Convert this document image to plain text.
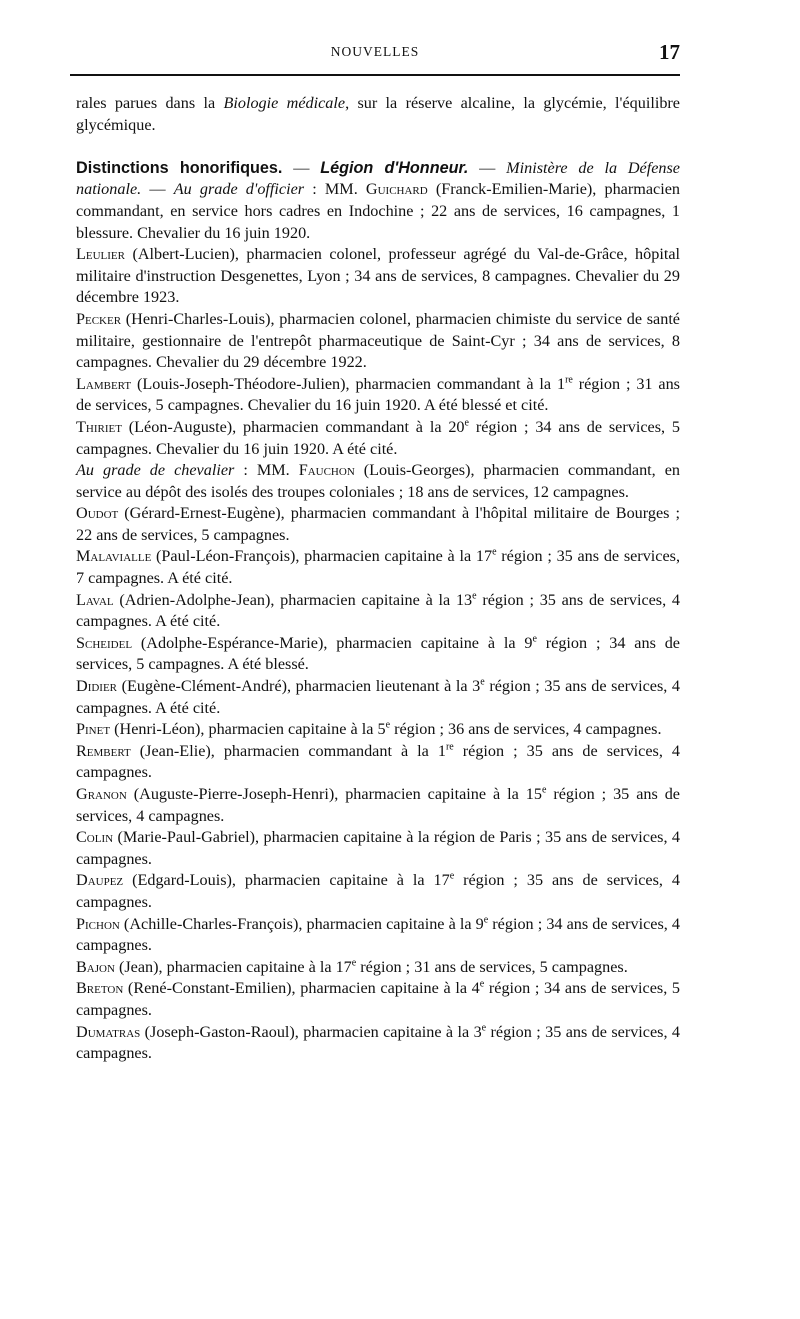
NOUVELLES	17

rales parues dans la Biologie médicale, sur la réserve alcaline, la glycémie, l'équilibre glycémique.

Distinctions honorifiques. — Légion d'Honneur. — Ministère de la Défense nationale. — Au grade d'officier : MM. Guichard (Franck-Emilien-Marie), pharmacien commandant, en service hors cadres en Indochine ; 22 ans de services, 16 campagnes, 1 blessure. Chevalier du 16 juin 1920.

Leulier (Albert-Lucien), pharmacien colonel, professeur agrégé du Val-de-Grâce, hôpital militaire d'instruction Desgenettes, Lyon ; 34 ans de services, 8 campagnes. Chevalier du 29 décembre 1923.

Pecker (Henri-Charles-Louis), pharmacien colonel, pharmacien chimiste du service de santé militaire, gestionnaire de l'entrepôt pharmaceutique de Saint-Cyr ; 34 ans de services, 8 campagnes. Chevalier du 29 décembre 1922.

Lambert (Louis-Joseph-Théodore-Julien), pharmacien commandant à la 1re région ; 31 ans de services, 5 campagnes. Chevalier du 16 juin 1920. A été blessé et cité.

Thiriet (Léon-Auguste), pharmacien commandant à la 20e région ; 34 ans de services, 5 campagnes. Chevalier du 16 juin 1920. A été cité.

Au grade de chevalier : MM. Fauchon (Louis-Georges), pharmacien commandant, en service au dépôt des isolés des troupes coloniales ; 18 ans de services, 12 campagnes.

Oudot (Gérard-Ernest-Eugène), pharmacien commandant à l'hôpital militaire de Bourges ; 22 ans de services, 5 campagnes.

Malavialle (Paul-Léon-François), pharmacien capitaine à la 17e région ; 35 ans de services, 7 campagnes. A été cité.

Laval (Adrien-Adolphe-Jean), pharmacien capitaine à la 13e région ; 35 ans de services, 4 campagnes. A été cité.

Scheidel (Adolphe-Espérance-Marie), pharmacien capitaine à la 9e région ; 34 ans de services, 5 campagnes. A été blessé.

Didier (Eugène-Clément-André), pharmacien lieutenant à la 3e région ; 35 ans de services, 4 campagnes. A été cité.

Pinet (Henri-Léon), pharmacien capitaine à la 5e région ; 36 ans de services, 4 campagnes.

Rembert (Jean-Elie), pharmacien commandant à la 1re région ; 35 ans de services, 4 campagnes.

Granon (Auguste-Pierre-Joseph-Henri), pharmacien capitaine à la 15e région ; 35 ans de services, 4 campagnes.

Colin (Marie-Paul-Gabriel), pharmacien capitaine à la région de Paris ; 35 ans de services, 4 campagnes.

Daupez (Edgard-Louis), pharmacien capitaine à la 17e région ; 35 ans de services, 4 campagnes.

Pichon (Achille-Charles-François), pharmacien capitaine à la 9e région ; 34 ans de services, 4 campagnes.

Bajon (Jean), pharmacien capitaine à la 17e région ; 31 ans de services, 5 campagnes.

Breton (René-Constant-Emilien), pharmacien capitaine à la 4e région ; 34 ans de services, 5 campagnes.

Dumatras (Joseph-Gaston-Raoul), pharmacien capitaine à la 3e région ; 35 ans de services, 4 campagnes.
